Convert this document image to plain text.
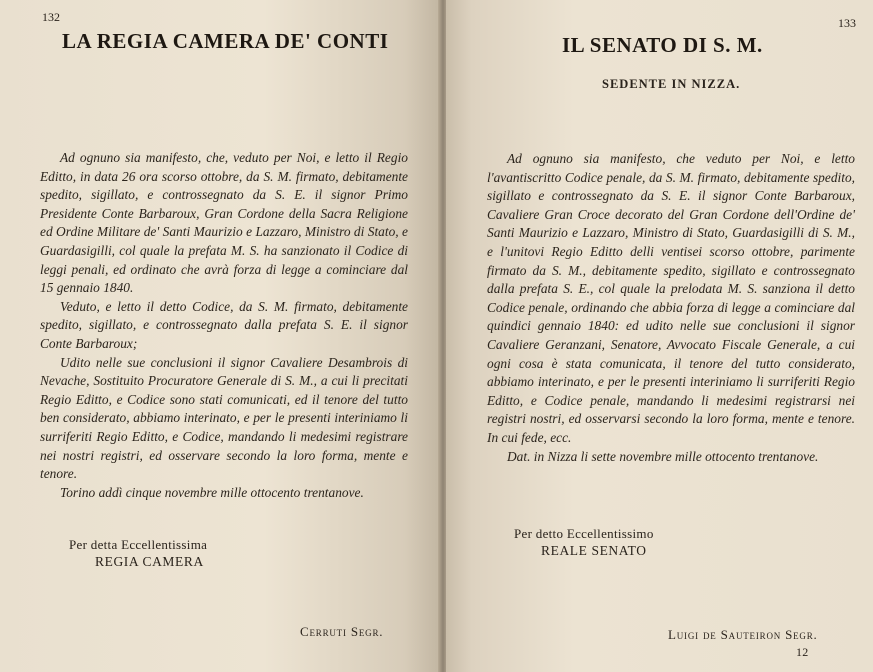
132
LA REGIA CAMERA DE' CONTI

Ad ognuno sia manifesto, che, veduto per Noi, e letto il Regio Editto, in data 26 ora scorso ottobre, da S. M. firmato, debitamente spedito, sigillato, e controssegnato da S. E. il signor Primo Presidente Conte Barbaroux, Gran Cordone della Sacra Religione ed Ordine Militare de' Santi Maurizio e Lazzaro, Ministro di Stato, e Guardasigilli, col quale la prefata M. S. ha sanzionato il Codice di leggi penali, ed ordinato che avrà forza di legge a cominciare dal 15 gennaio 1840.

Veduto, e letto il detto Codice, da S. M. firmato, debitamente spedito, sigillato, e controssegnato dalla prefata S. E. il signor Conte Barbaroux;

Udito nelle sue conclusioni il signor Cavaliere Desambrois di Nevache, Sostituito Procuratore Generale di S. M., a cui li precitati Regio Editto, e Codice sono stati comunicati, ed il tenore del tutto ben considerato, abbiamo interinato, e per le presenti interiniamo li surriferiti Regio Editto, e Codice, mandando li medesimi registrare nei nostri registri, ed osservare secondo la loro forma, mente e tenore.

Torino addì cinque novembre mille ottocento trentanove.

Per detta Eccellentissima
REGIA CAMERA
Cerruti Segr.
133
IL SENATO DI S. M.
SEDENTE IN NIZZA.

Ad ognuno sia manifesto, che veduto per Noi, e letto l'avantiscritto Codice penale, da S. M. firmato, debitamente spedito, sigillato e controssegnato da S. E. il signor Conte Barbaroux, Cavaliere Gran Croce decorato del Gran Cordone dell'Ordine de' Santi Maurizio e Lazzaro, Ministro di Stato, Guardasigilli di S. M., e l'unitovi Regio Editto delli ventisei scorso ottobre, parimente firmato da S. M., debitamente spedito, sigillato e controssegnato dalla prefata S. E., col quale la prelodata M. S. sanziona il detto Codice penale, ordinando che abbia forza di legge a cominciare dal quindici gennaio 1840: ed udito nelle sue conclusioni il signor Cavaliere Geranzani, Senatore, Avvocato Fiscale Generale, a cui ogni cosa è stata comunicata, il tenore del tutto considerato, abbiamo interinato, e per le presenti interiniamo li surriferiti Regio Editto, e Codice penale, mandando li medesimi registrarsi nei registri nostri, ed osservarsi secondo la loro forma, mente e tenore. In cui fede, ecc.

Dat. in Nizza li sette novembre mille ottocento trentanove.

Per detto Eccellentissimo
REALE SENATO
Luigi de Sauteiron Segr.
12
